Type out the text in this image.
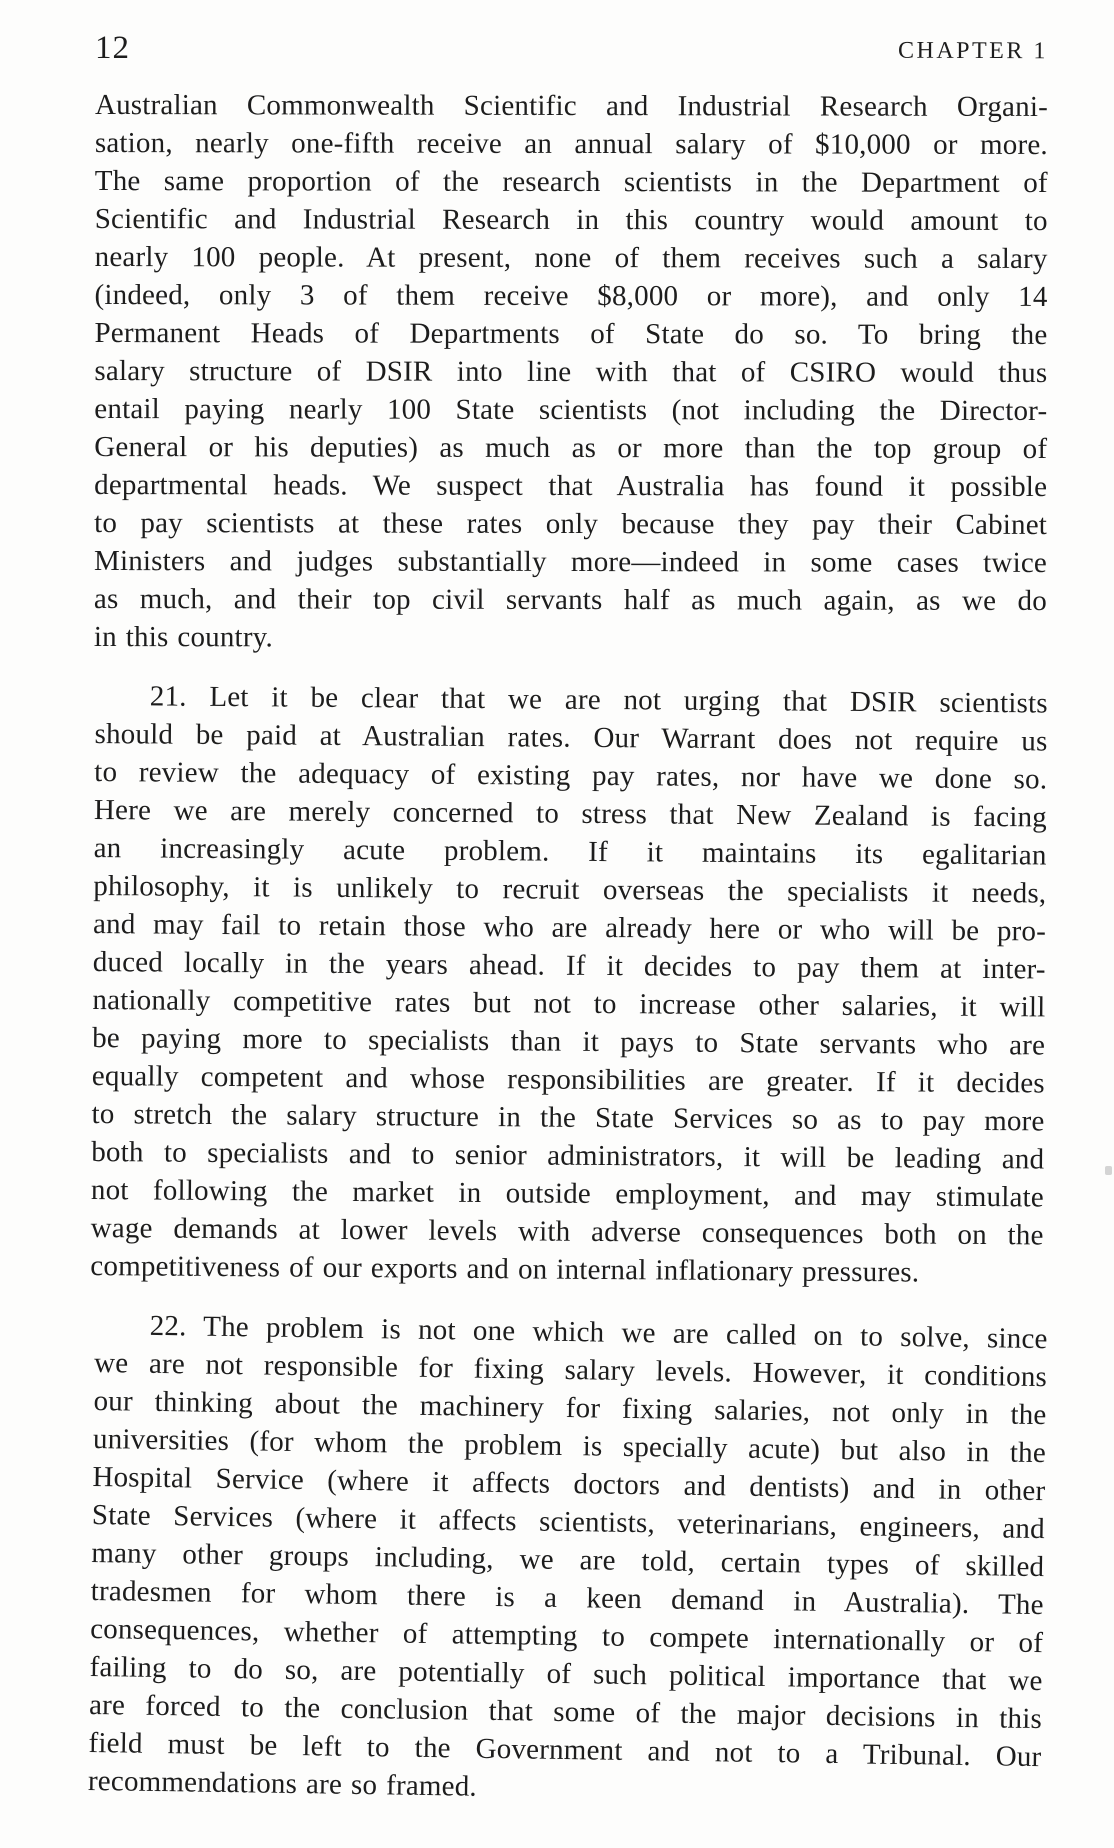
12	CHAPTER 1
Australian Commonwealth Scientific and Industrial Research Organi-
sation, nearly one-fifth receive an annual salary of $10,000 or more.
The same proportion of the research scientists in the Department of
Scientific and Industrial Research in this country would amount to
nearly 100 people. At present, none of them receives such a salary
(indeed, only 3 of them receive $8,000 or more), and only 14
Permanent Heads of Departments of State do so. To bring the
salary structure of DSIR into line with that of CSIRO would thus
entail paying nearly 100 State scientists (not including the Director-
General or his deputies) as much as or more than the top group of
departmental heads. We suspect that Australia has found it possible
to pay scientists at these rates only because they pay their Cabinet
Ministers and judges substantially more—indeed in some cases twice
as much, and their top civil servants half as much again, as we do
in this country.
21. Let it be clear that we are not urging that DSIR scientists
should be paid at Australian rates. Our Warrant does not require us
to review the adequacy of existing pay rates, nor have we done so.
Here we are merely concerned to stress that New Zealand is facing
an increasingly acute problem. If it maintains its egalitarian
philosophy, it is unlikely to recruit overseas the specialists it needs,
and may fail to retain those who are already here or who will be pro-
duced locally in the years ahead. If it decides to pay them at inter-
nationally competitive rates but not to increase other salaries, it will
be paying more to specialists than it pays to State servants who are
equally competent and whose responsibilities are greater. If it decides
to stretch the salary structure in the State Services so as to pay more
both to specialists and to senior administrators, it will be leading and
not following the market in outside employment, and may stimulate
wage demands at lower levels with adverse consequences both on the
competitiveness of our exports and on internal inflationary pressures.
22. The problem is not one which we are called on to solve, since
we are not responsible for fixing salary levels. However, it conditions
our thinking about the machinery for fixing salaries, not only in the
universities (for whom the problem is specially acute) but also in the
Hospital Service (where it affects doctors and dentists) and in other
State Services (where it affects scientists, veterinarians, engineers, and
many other groups including, we are told, certain types of skilled
tradesmen for whom there is a keen demand in Australia). The
consequences, whether of attempting to compete internationally or of
failing to do so, are potentially of such political importance that we
are forced to the conclusion that some of the major decisions in this
field must be left to the Government and not to a Tribunal. Our
recommendations are so framed.
